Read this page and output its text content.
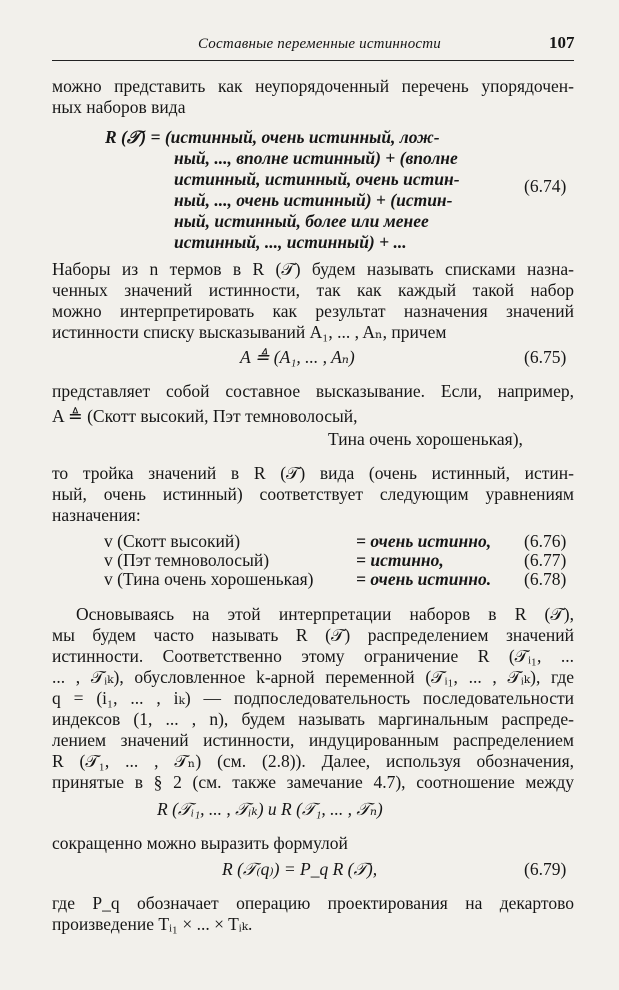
Составные переменные истинности	107
можно представить как неупорядоченный перечень упорядочен-
ных наборов вида
R (𝒯) = (истинный, очень истинный, лож-
ный, ..., вполне истинный) + (вполне
истинный, истинный, очень истин-
ный, ..., очень истинный) + (истин-
ный, истинный, более или менее
истинный, ..., истинный) + ...
(6.74)
Наборы из n термов в R (𝒯) будем называть списками назна-
ченных значений истинности, так как каждый такой набор
можно интерпретировать как результат назначения значений
истинности списку высказываний A₁, ... , Aₙ, причем
A ≜ (A₁, ... , Aₙ)	(6.75)
представляет собой составное высказывание. Если, например,
A ≜ (Скотт высокий, Пэт темноволосый,
Тина очень хорошенькая),
то тройка значений в R (𝒯) вида (очень истинный, истин-
ный, очень истинный) соответствует следующим уравнениям
назначения:
v (Скотт высокий)	= очень истинно, (6.76)
v (Пэт темноволосый)	= истинно,	(6.77)
v (Тина очень хорошенькая) = очень истинно. (6.78)
Основываясь на этой интерпретации наборов в R (𝒯),
мы будем часто называть R (𝒯) распределением значений
истинности. Соответственно этому ограничение R (𝒯ᵢ₁, ...
... , 𝒯ᵢₖ), обусловленное k-арной переменной (𝒯ᵢ₁, ... , 𝒯ᵢₖ), где
q = (i₁, ... , iₖ) — подпоследовательность последовательности
индексов (1, ... , n), будем называть маргинальным распреде-
лением значений истинности, индуцированным распределением
R (𝒯₁, ... , 𝒯ₙ) (см. (2.8)). Далее, используя обозначения,
принятые в § 2 (см. также замечание 4.7), соотношение между
R (𝒯ᵢ₁, ... , 𝒯ᵢₖ) и R (𝒯₁, ... , 𝒯ₙ)
сокращенно можно выразить формулой
R (𝒯₍q₎) = P_q R (𝒯),	(6.79)
где P_q обозначает операцию проектирования на декартово
произведение Tᵢ₁ × ... × Tᵢₖ.
